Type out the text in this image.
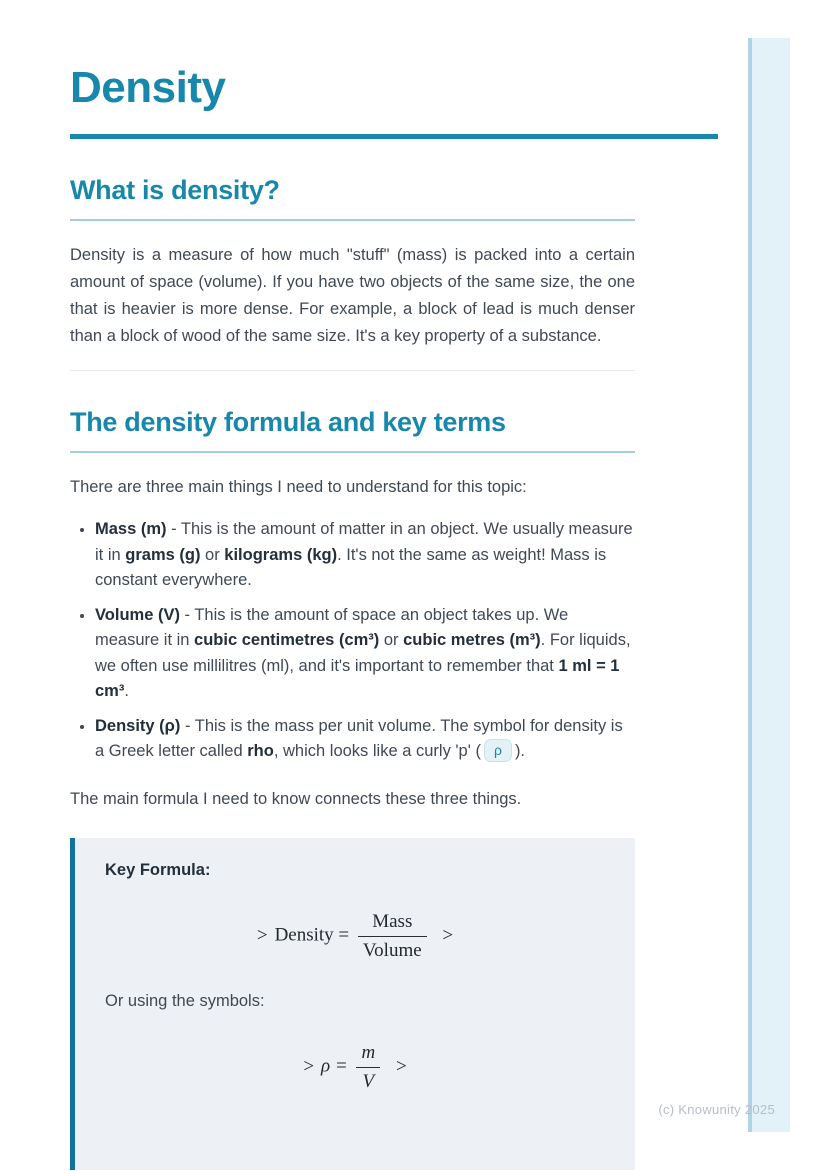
Density
What is density?

Density is a measure of how much "stuff" (mass) is packed into a certain amount of space (volume). If you have two objects of the same size, the one that is heavier is more dense. For example, a block of lead is much denser than a block of wood of the same size. It's a key property of a substance.

The density formula and key terms

There are three main things I need to understand for this topic:

• Mass (m) - This is the amount of matter in an object. We usually measure it in grams (g) or kilograms (kg). It's not the same as weight! Mass is constant everywhere.
• Volume (V) - This is the amount of space an object takes up. We measure it in cubic centimetres (cm³) or cubic metres (m³). For liquids, we often use millilitres (ml), and it's important to remember that 1 ml = 1 cm³.
• Density (ρ) - This is the mass per unit volume. The symbol for density is a Greek letter called rho, which looks like a curly 'p' ( ρ ).

The main formula I need to know connects these three things.

Key Formula:

> Density = $\frac{\text{Mass}}{\text{Volume}}$ >

Or using the symbols:

> $\rho = \frac{m}{V}$ >
(c) Knowunity 2025
